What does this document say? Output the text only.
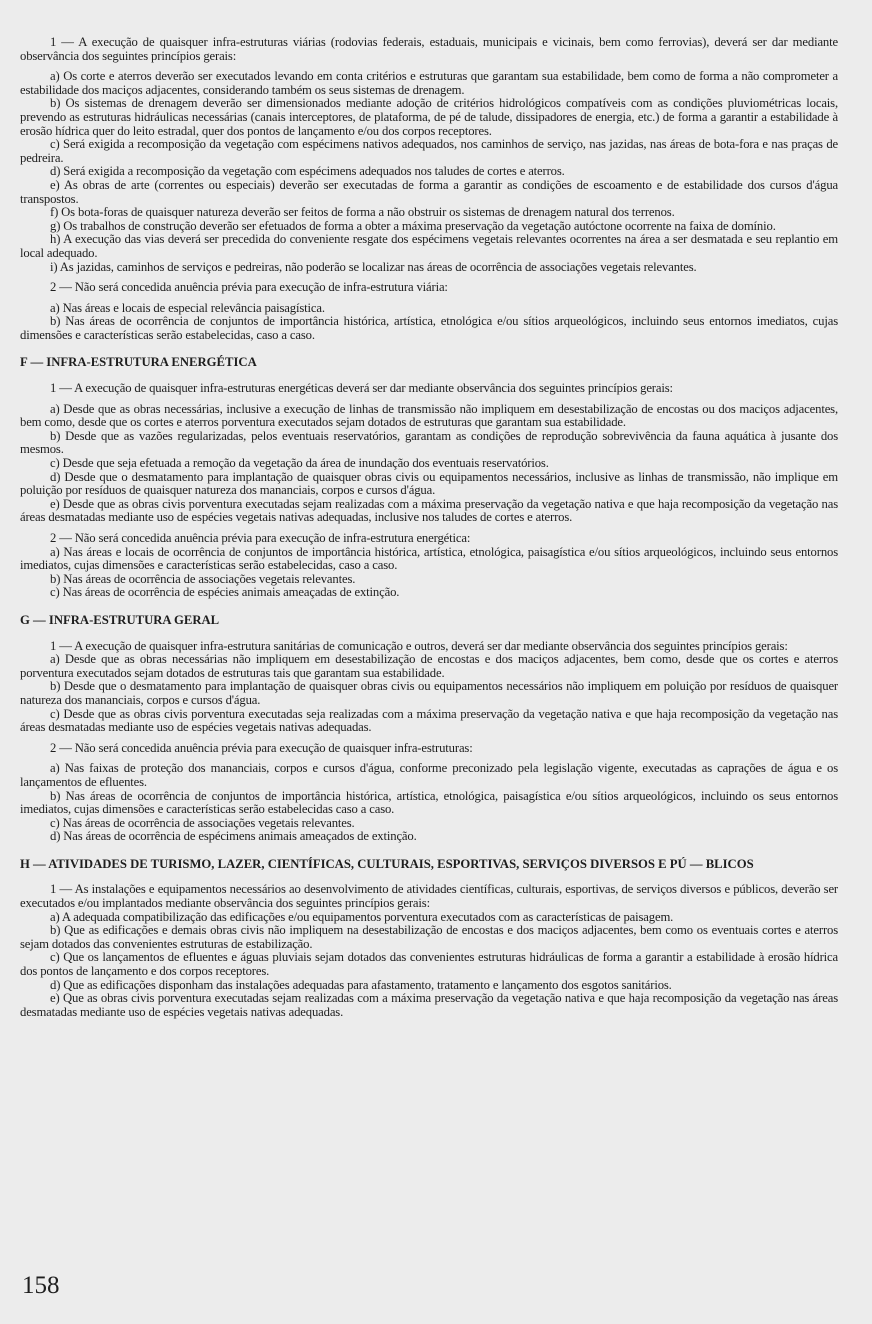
1 — A execução de quaisquer infra-estruturas viárias (rodovias federais, estaduais, municipais e vicinais, bem como ferrovias), deverá ser dar mediante observância dos seguintes princípios gerais:

a) Os corte e aterros deverão ser executados levando em conta critérios e estruturas que garantam sua estabilidade, bem como de forma a não comprometer a estabilidade dos maciços adjacentes, considerando também os seus sistemas de drenagem.

b) Os sistemas de drenagem deverão ser dimensionados mediante adoção de critérios hidrológicos compatíveis com as condições pluviométricas locais, prevendo as estruturas hidráulicas necessárias (canais interceptores, de plataforma, de pé de talude, dissipadores de energia, etc.) de forma a garantir a estabilidade à erosão hídrica quer do leito estradal, quer dos pontos de lançamento e/ou dos corpos receptores.

c) Será exigida a recomposição da vegetação com espécimens nativos adequados, nos caminhos de serviço, nas jazidas, nas áreas de bota-fora e nas praças de pedreira.

d) Será exigida a recomposição da vegetação com espécimens adequados nos taludes de cortes e aterros.

e) As obras de arte (correntes ou especiais) deverão ser executadas de forma a garantir as condições de escoamento e de estabilidade dos cursos d'água transpostos.

f) Os bota-foras de quaisquer natureza deverão ser feitos de forma a não obstruir os sistemas de drenagem natural dos terrenos.

g) Os trabalhos de construção deverão ser efetuados de forma a obter a máxima preservação da vegetação autóctone ocorrente na faixa de domínio.

h) A execução das vias deverá ser precedida do conveniente resgate dos espécimens vegetais relevantes ocorrentes na área a ser desmatada e seu replantio em local adequado.

i) As jazidas, caminhos de serviços e pedreiras, não poderão se localizar nas áreas de ocorrência de associações vegetais relevantes.

2 — Não será concedida anuência prévia para execução de infra-estrutura viária:

a) Nas áreas e locais de especial relevância paisagística.

b) Nas áreas de ocorrência de conjuntos de importância histórica, artística, etnológica e/ou sítios arqueológicos, incluindo seus entornos imediatos, cujas dimensões e características serão estabelecidas, caso a caso.

F — INFRA-ESTRUTURA ENERGÉTICA

1 — A execução de quaisquer infra-estruturas energéticas deverá ser dar mediante observância dos seguintes princípios gerais:

a) Desde que as obras necessárias, inclusive a execução de linhas de transmissão não impliquem em desestabilização de encostas ou dos maciços adjacentes, bem como, desde que os cortes e aterros porventura executados sejam dotados de estruturas que garantam sua estabilidade.

b) Desde que as vazões regularizadas, pelos eventuais reservatórios, garantam as condições de reprodução sobrevivência da fauna aquática à jusante dos mesmos.

c) Desde que seja efetuada a remoção da vegetação da área de inundação dos eventuais reservatórios.

d) Desde que o desmatamento para implantação de quaisquer obras civis ou equipamentos necessários, inclusive as linhas de transmissão, não implique em poluição por resíduos de quaisquer natureza dos mananciais, corpos e cursos d'água.

e) Desde que as obras civis porventura executadas sejam realizadas com a máxima preservação da vegetação nativa e que haja recomposição da vegetação nas áreas desmatadas mediante uso de espécies vegetais nativas adequadas, inclusive nos taludes de cortes e aterros.

2 — Não será concedida anuência prévia para execução de infra-estrutura energética:

a) Nas áreas e locais de ocorrência de conjuntos de importância histórica, artística, etnológica, paisagística e/ou sítios arqueológicos, incluindo seus entornos imediatos, cujas dimensões e características serão estabelecidas, caso a caso.

b) Nas áreas de ocorrência de associações vegetais relevantes.

c) Nas áreas de ocorrência de espécies animais ameaçadas de extinção.

G — INFRA-ESTRUTURA GERAL

1 — A execução de quaisquer infra-estrutura sanitárias de comunicação e outros, deverá ser dar mediante observância dos seguintes princípios gerais:

a) Desde que as obras necessárias não impliquem em desestabilização de encostas e dos maciços adjacentes, bem como, desde que os cortes e aterros porventura executados sejam dotados de estruturas tais que garantam sua estabilidade.

b) Desde que o desmatamento para implantação de quaisquer obras civis ou equipamentos necessários não impliquem em poluição por resíduos de quaisquer natureza dos mananciais, corpos e cursos d'água.

c) Desde que as obras civis porventura executadas seja realizadas com a máxima preservação da vegetação nativa e que haja recomposição da vegetação nas áreas desmatadas mediante uso de espécies vegetais nativas adequadas.

2 — Não será concedida anuência prévia para execução de quaisquer infra-estruturas:

a) Nas faixas de proteção dos mananciais, corpos e cursos d'água, conforme preconizado pela legislação vigente, executadas as caprações de água e os lançamentos de efluentes.

b) Nas áreas de ocorrência de conjuntos de importância histórica, artística, etnológica, paisagística e/ou sítios arqueológicos, incluindo os seus entornos imediatos, cujas dimensões e características serão estabelecidas caso a caso.

c) Nas áreas de ocorrência de associações vegetais relevantes.

d) Nas áreas de ocorrência de espécimens animais ameaçados de extinção.

H — ATIVIDADES DE TURISMO, LAZER, CIENTÍFICAS, CULTURAIS, ESPORTIVAS, SERVIÇOS DIVERSOS E PÚ — BLICOS

1 — As instalações e equipamentos necessários ao desenvolvimento de atividades científicas, culturais, esportivas, de serviços diversos e públicos, deverão ser executados e/ou implantados mediante observância dos seguintes princípios gerais:

a) A adequada compatibilização das edificações e/ou equipamentos porventura executados com as características de paisagem.

b) Que as edificações e demais obras civis não impliquem na desestabilização de encostas e dos maciços adjacentes, bem como os eventuais cortes e aterros sejam dotados das convenientes estruturas de estabilização.

c) Que os lançamentos de efluentes e águas pluviais sejam dotados das convenientes estruturas hidráulicas de forma a garantir a estabilidade à erosão hídrica dos pontos de lançamento e dos corpos receptores.

d) Que as edificações disponham das instalações adequadas para afastamento, tratamento e lançamento dos esgotos sanitários.

e) Que as obras civis porventura executadas sejam realizadas com a máxima preservação da vegetação nativa e que haja recomposição da vegetação nas áreas desmatadas mediante uso de espécies vegetais nativas adequadas.

158
